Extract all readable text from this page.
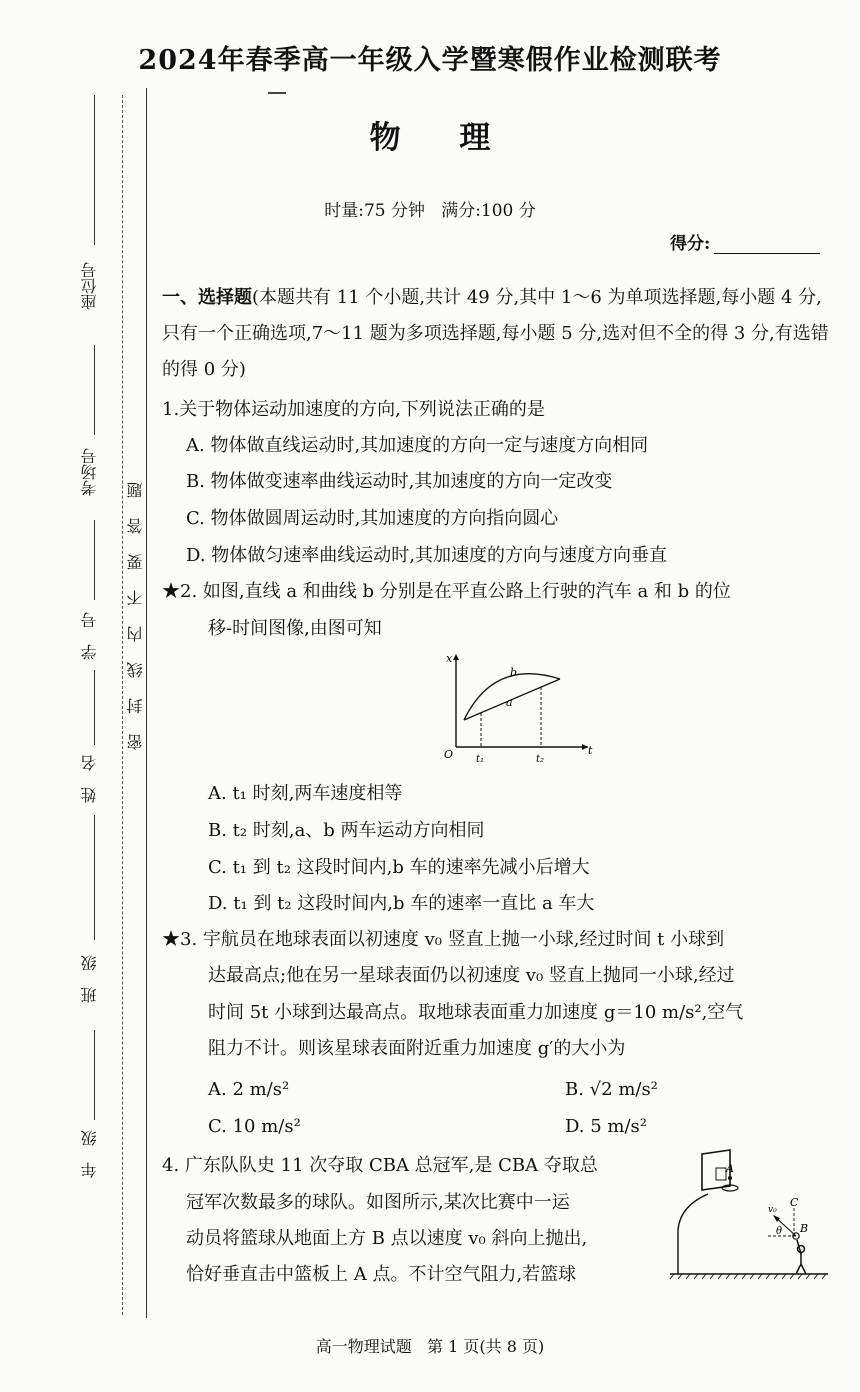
2024年春季高一年级入学暨寒假作业检测联考
物 理
时量:75 分钟   满分:100 分
得分:
座位号
考场号
学　号
姓　名
班　级
年　级
密封线内不要答题
一、选择题(本题共有 11 个小题,共计 49 分,其中 1～6 为单项选择题,每小题 4 分,只有一个正确选项,7～11 题为多项选择题,每小题 5 分,选对但不全的得 3 分,有选错的得 0 分)
1.关于物体运动加速度的方向,下列说法正确的是
A. 物体做直线运动时,其加速度的方向一定与速度方向相同
B. 物体做变速率曲线运动时,其加速度的方向一定改变
C. 物体做圆周运动时,其加速度的方向指向圆心
D. 物体做匀速率曲线运动时,其加速度的方向与速度方向垂直
★2. 如图,直线 a 和曲线 b 分别是在平直公路上行驶的汽车 a 和 b 的位
移-时间图像,由图可知
x
t
O t₁	t₂
a
b
A. t₁ 时刻,两车速度相等
B. t₂ 时刻,a、b 两车运动方向相同
C. t₁ 到 t₂ 这段时间内,b 车的速率先减小后增大
D. t₁ 到 t₂ 这段时间内,b 车的速率一直比 a 车大
★3. 宇航员在地球表面以初速度 v₀ 竖直上抛一小球,经过时间 t 小球到
达最高点;他在另一星球表面仍以初速度 v₀ 竖直上抛同一小球,经过
时间 5t 小球到达最高点。取地球表面重力加速度 g＝10 m/s²,空气
阻力不计。则该星球表面附近重力加速度 g′的大小为
A. 2 m/s²	B. √2 m/s²
C. 10 m/s²	D. 5 m/s²
4. 广东队队史 11 次夺取 CBA 总冠军,是 CBA 夺取总
冠军次数最多的球队。如图所示,某次比赛中一运
动员将篮球从地面上方 B 点以速度 v₀ 斜向上抛出,
恰好垂直击中篮板上 A 点。不计空气阻力,若篮球
A
C
v₀
θ B
高一物理试题   第 1 页(共 8 页)
